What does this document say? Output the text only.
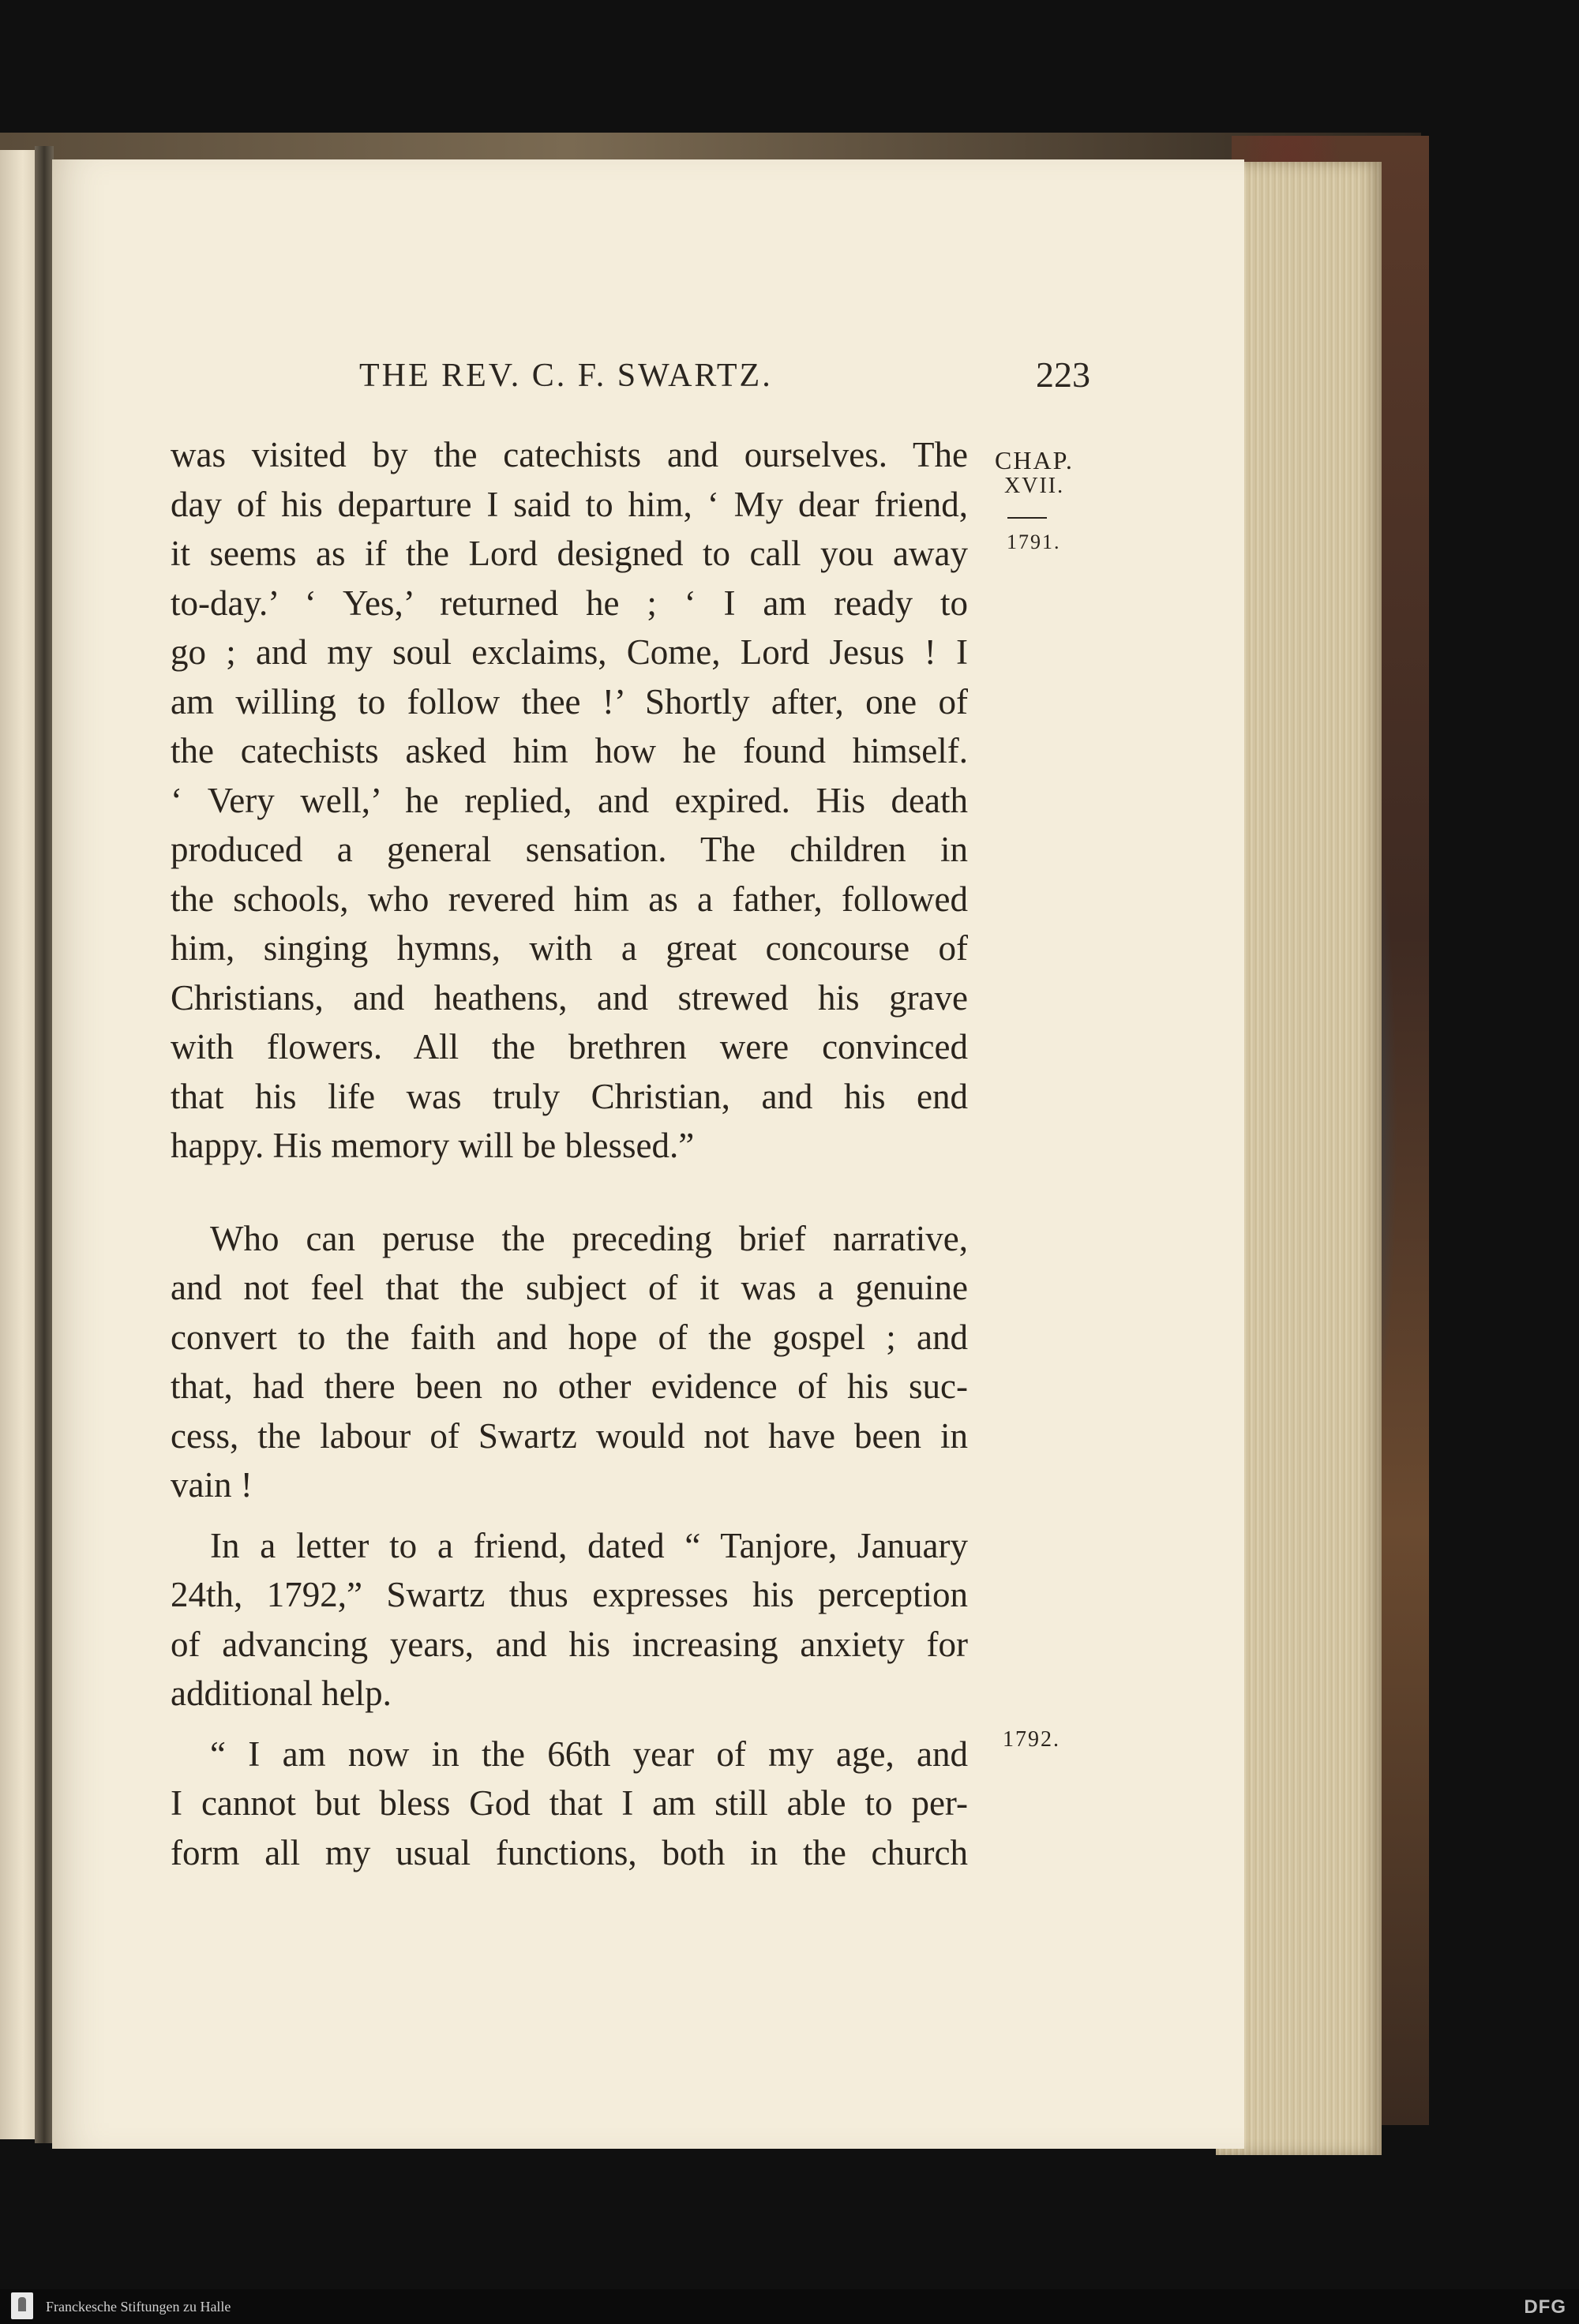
THE REV. C. F. SWARTZ.	223
CHAP.
XVII.
1791.
1792.
was visited by the catechists and ourselves. The
day of his departure I said to him, ‘ My dear friend,
it seems as if the Lord designed to call you away
to-day.’ ‘ Yes,’ returned he ; ‘ I am ready to
go ; and my soul exclaims, Come, Lord Jesus ! I
am willing to follow thee !’ Shortly after, one of
the catechists asked him how he found himself.
‘ Very well,’ he replied, and expired. His death
produced a general sensation. The children in
the schools, who revered him as a father, followed
him, singing hymns, with a great concourse of
Christians, and heathens, and strewed his grave
with flowers. All the brethren were convinced
that his life was truly Christian, and his end
happy. His memory will be blessed.”
Who can peruse the preceding brief narrative,
and not feel that the subject of it was a genuine
convert to the faith and hope of the gospel ; and
that, had there been no other evidence of his suc-
cess, the labour of Swartz would not have been in
vain !
In a letter to a friend, dated “ Tanjore, January
24th, 1792,” Swartz thus expresses his perception
of advancing years, and his increasing anxiety for
additional help.
“ I am now in the 66th year of my age, and
I cannot but bless God that I am still able to per-
form all my usual functions, both in the church
Franckesche Stiftungen zu Halle	DFG
